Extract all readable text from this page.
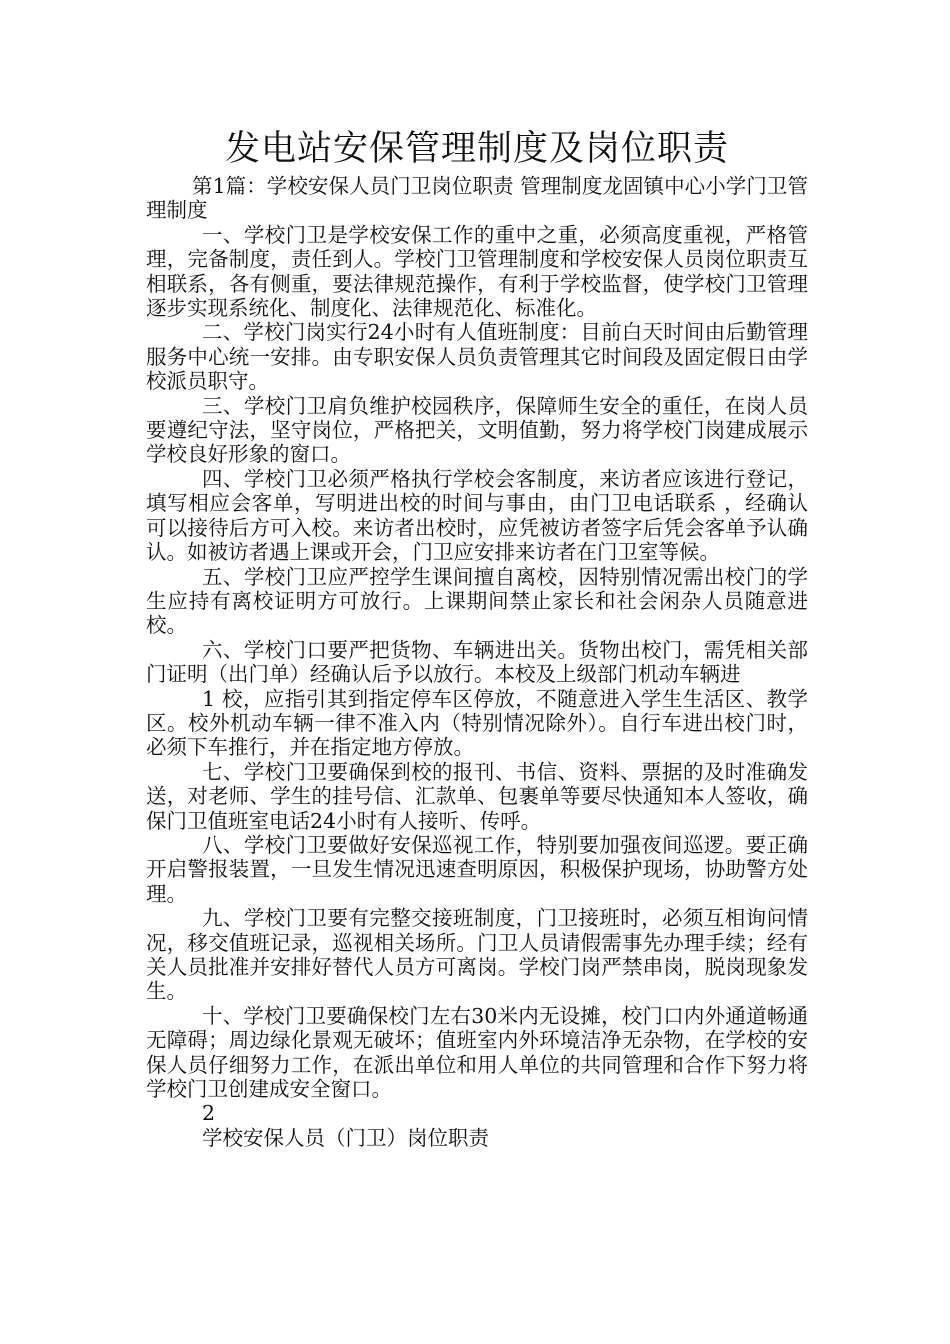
发电站安保管理制度及岗位职责

第1篇：学校安保人员门卫岗位职责 管理制度龙固镇中心小学门卫管理制度

一、学校门卫是学校安保工作的重中之重，必须高度重视，严格管理，完备制度，责任到人。学校门卫管理制度和学校安保人员岗位职责互相联系，各有侧重，要法律规范操作，有利于学校监督，使学校门卫管理逐步实现系统化、制度化、法律规范化、标准化。

二、学校门岗实行24小时有人值班制度：目前白天时间由后勤管理服务中心统一安排。由专职安保人员负责管理其它时间段及固定假日由学校派员职守。

三、学校门卫肩负维护校园秩序，保障师生安全的重任，在岗人员要遵纪守法，坚守岗位，严格把关，文明值勤，努力将学校门岗建成展示学校良好形象的窗口。

四、学校门卫必须严格执行学校会客制度，来访者应该进行登记，填写相应会客单，写明进出校的时间与事由，由门卫电话联系 ，经确认可以接待后方可入校。来访者出校时，应凭被访者签字后凭会客单予认确认。如被访者遇上课或开会，门卫应安排来访者在门卫室等候。

五、学校门卫应严控学生课间擅自离校，因特别情况需出校门的学生应持有离校证明方可放行。上课期间禁止家长和社会闲杂人员随意进校。

六、学校门口要严把货物、车辆进出关。货物出校门，需凭相关部门证明（出门单）经确认后予以放行。本校及上级部门机动车辆进

1 校，应指引其到指定停车区停放，不随意进入学生生活区、教学区。校外机动车辆一律不准入内（特别情况除外）。自行车进出校门时，必须下车推行，并在指定地方停放。

七、学校门卫要确保到校的报刊、书信、资料、票据的及时准确发送，对老师、学生的挂号信、汇款单、包裹单等要尽快通知本人签收，确保门卫值班室电话24小时有人接听、传呼。

八、学校门卫要做好安保巡视工作，特别要加强夜间巡逻。要正确开启警报装置，一旦发生情况迅速查明原因，积极保护现场，协助警方处理。

九、学校门卫要有完整交接班制度，门卫接班时，必须互相询问情况，移交值班记录，巡视相关场所。门卫人员请假需事先办理手续；经有关人员批准并安排好替代人员方可离岗。学校门岗严禁串岗，脱岗现象发生。

十、学校门卫要确保校门左右30米内无设摊，校门口内外通道畅通无障碍；周边绿化景观无破坏；值班室内外环境洁净无杂物，在学校的安保人员仔细努力工作，在派出单位和用人单位的共同管理和合作下努力将学校门卫创建成安全窗口。

2

学校安保人员（门卫）岗位职责
